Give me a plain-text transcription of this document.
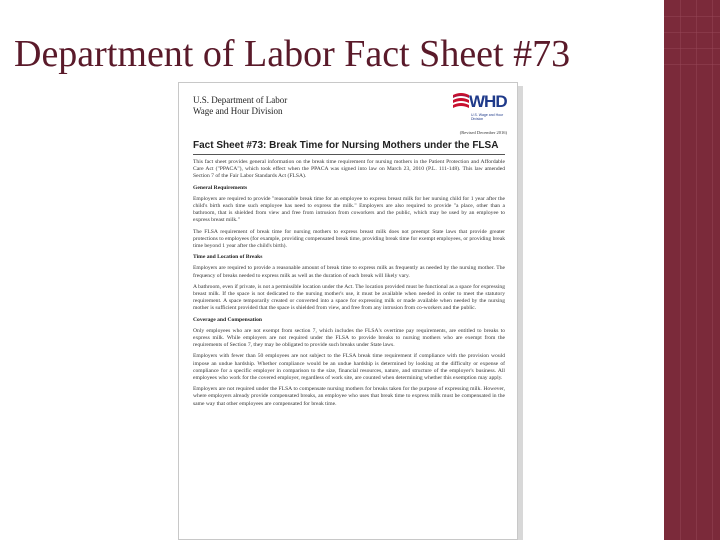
Department of Labor Fact Sheet #73
U.S. Department of Labor
Wage and Hour Division	WHD
U.S. Wage and Hour Division
(Revised December 2016)
Fact Sheet #73: Break Time for Nursing Mothers under the FLSA

This fact sheet provides general information on the break time requirement for nursing mothers in the Patient Protection and Affordable Care Act ("PPACA"), which took effect when the PPACA was signed into law on March 23, 2010 (P.L. 111-148). This law amended Section 7 of the Fair Labor Standards Act (FLSA).

General Requirements

Employers are required to provide "reasonable break time for an employee to express breast milk for her nursing child for 1 year after the child's birth each time such employee has need to express the milk." Employers are also required to provide "a place, other than a bathroom, that is shielded from view and free from intrusion from coworkers and the public, which may be used by an employee to express breast milk."

The FLSA requirement of break time for nursing mothers to express breast milk does not preempt State laws that provide greater protections to employees (for example, providing compensated break time, providing break time for exempt employees, or providing break time beyond 1 year after the child's birth).

Time and Location of Breaks

Employers are required to provide a reasonable amount of break time to express milk as frequently as needed by the nursing mother. The frequency of breaks needed to express milk as well as the duration of each break will likely vary.

A bathroom, even if private, is not a permissible location under the Act. The location provided must be functional as a space for expressing breast milk. If the space is not dedicated to the nursing mother's use, it must be available when needed in order to meet the statutory requirement. A space temporarily created or converted into a space for expressing milk or made available when needed by the nursing mother is sufficient provided that the space is shielded from view, and free from any intrusion from co-workers and the public.

Coverage and Compensation

Only employees who are not exempt from section 7, which includes the FLSA's overtime pay requirements, are entitled to breaks to express milk. While employers are not required under the FLSA to provide breaks to nursing mothers who are exempt from the requirements of Section 7, they may be obligated to provide such breaks under State laws.

Employers with fewer than 50 employees are not subject to the FLSA break time requirement if compliance with the provision would impose an undue hardship. Whether compliance would be an undue hardship is determined by looking at the difficulty or expense of compliance for a specific employer in comparison to the size, financial resources, nature, and structure of the employer's business. All employees who work for the covered employer, regardless of work site, are counted when determining whether this exemption may apply.

Employers are not required under the FLSA to compensate nursing mothers for breaks taken for the purpose of expressing milk. However, where employers already provide compensated breaks, an employee who uses that break time to express milk must be compensated in the same way that other employees are compensated for break time.
